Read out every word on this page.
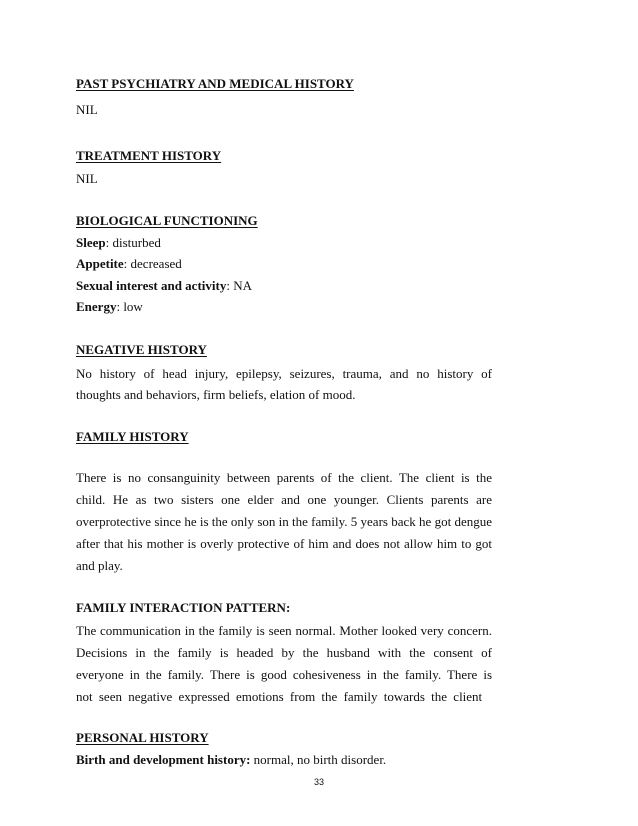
PAST PSYCHIATRY AND MEDICAL HISTORY
NIL
TREATMENT HISTORY
NIL
BIOLOGICAL FUNCTIONING
Sleep: disturbed
Appetite: decreased
Sexual interest and activity: NA
Energy: low
NEGATIVE HISTORY
No history of head injury, epilepsy, seizures, trauma, and no history of
thoughts and behaviors, firm beliefs, elation of mood.
FAMILY HISTORY
There is no consanguinity between parents of the client. The client is the
child. He as two sisters one elder and one younger. Clients parents are
overprotective since he is the only son in the family. 5 years back he got dengue
after that his mother is overly protective of him and does not allow him to got
and play.
FAMILY INTERACTION PATTERN:
The communication in the family is seen normal. Mother looked very concern.
Decisions in the family is headed by the husband with the consent of
everyone in the family. There is good cohesiveness in the family. There is
not seen negative expressed emotions from the family towards the client
PERSONAL HISTORY
Birth and development history: normal, no birth disorder.
33
